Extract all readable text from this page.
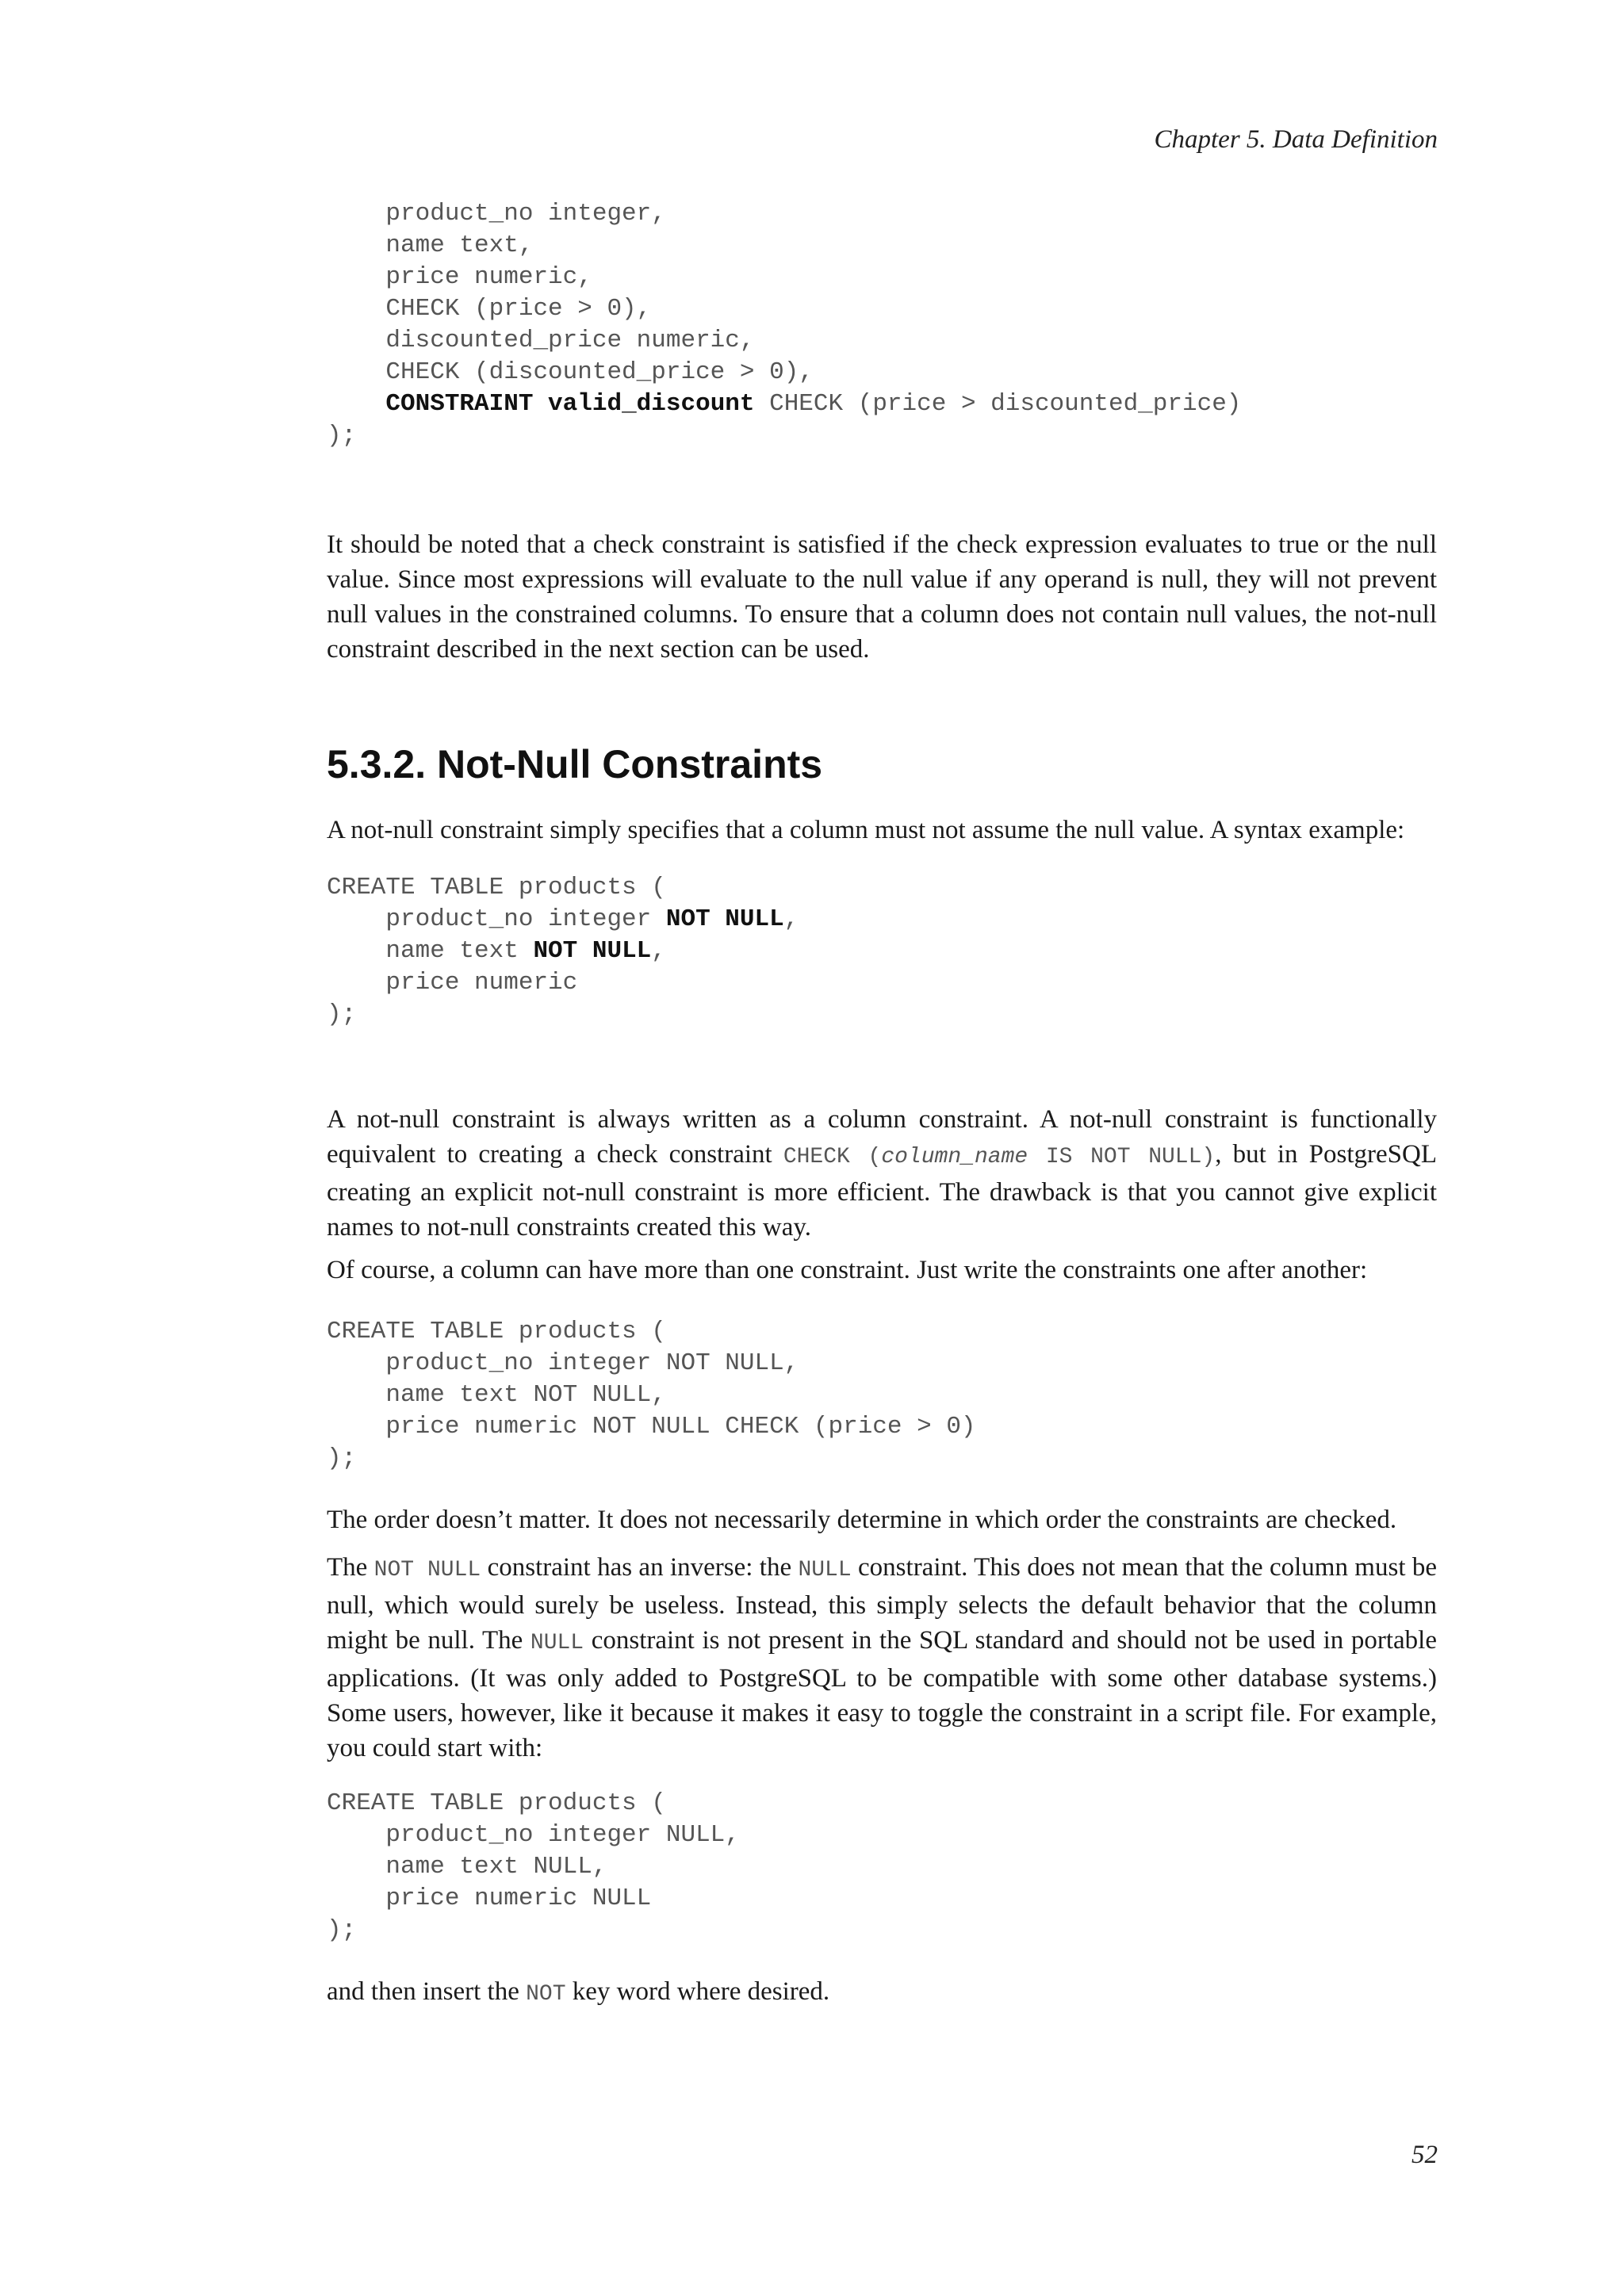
Chapter 5. Data Definition
product_no integer,
name text,
price numeric,
CHECK (price > 0),
discounted_price numeric,
CHECK (discounted_price > 0),
CONSTRAINT valid_discount CHECK (price > discounted_price)
);

It should be noted that a check constraint is satisfied if the check expression evaluates to true or the null value. Since most expressions will evaluate to the null value if any operand is null, they will not prevent null values in the constrained columns. To ensure that a column does not contain null values, the not-null constraint described in the next section can be used.

5.3.2. Not-Null Constraints

A not-null constraint simply specifies that a column must not assume the null value. A syntax example:

CREATE TABLE products (
product_no integer NOT NULL,
name text NOT NULL,
price numeric
);

A not-null constraint is always written as a column constraint. A not-null constraint is functionally equivalent to creating a check constraint CHECK (column_name IS NOT NULL), but in PostgreSQL creating an explicit not-null constraint is more efficient. The drawback is that you cannot give explicit names to not-null constraints created this way.

Of course, a column can have more than one constraint. Just write the constraints one after another:

CREATE TABLE products (
product_no integer NOT NULL,
name text NOT NULL,
price numeric NOT NULL CHECK (price > 0)
);

The order doesn’t matter. It does not necessarily determine in which order the constraints are checked.

The NOT NULL constraint has an inverse: the NULL constraint. This does not mean that the column must be null, which would surely be useless. Instead, this simply selects the default behavior that the column might be null. The NULL constraint is not present in the SQL standard and should not be used in portable applications. (It was only added to PostgreSQL to be compatible with some other database systems.) Some users, however, like it because it makes it easy to toggle the constraint in a script file. For example, you could start with:

CREATE TABLE products (
product_no integer NULL,
name text NULL,
price numeric NULL
);

and then insert the NOT key word where desired.

52
